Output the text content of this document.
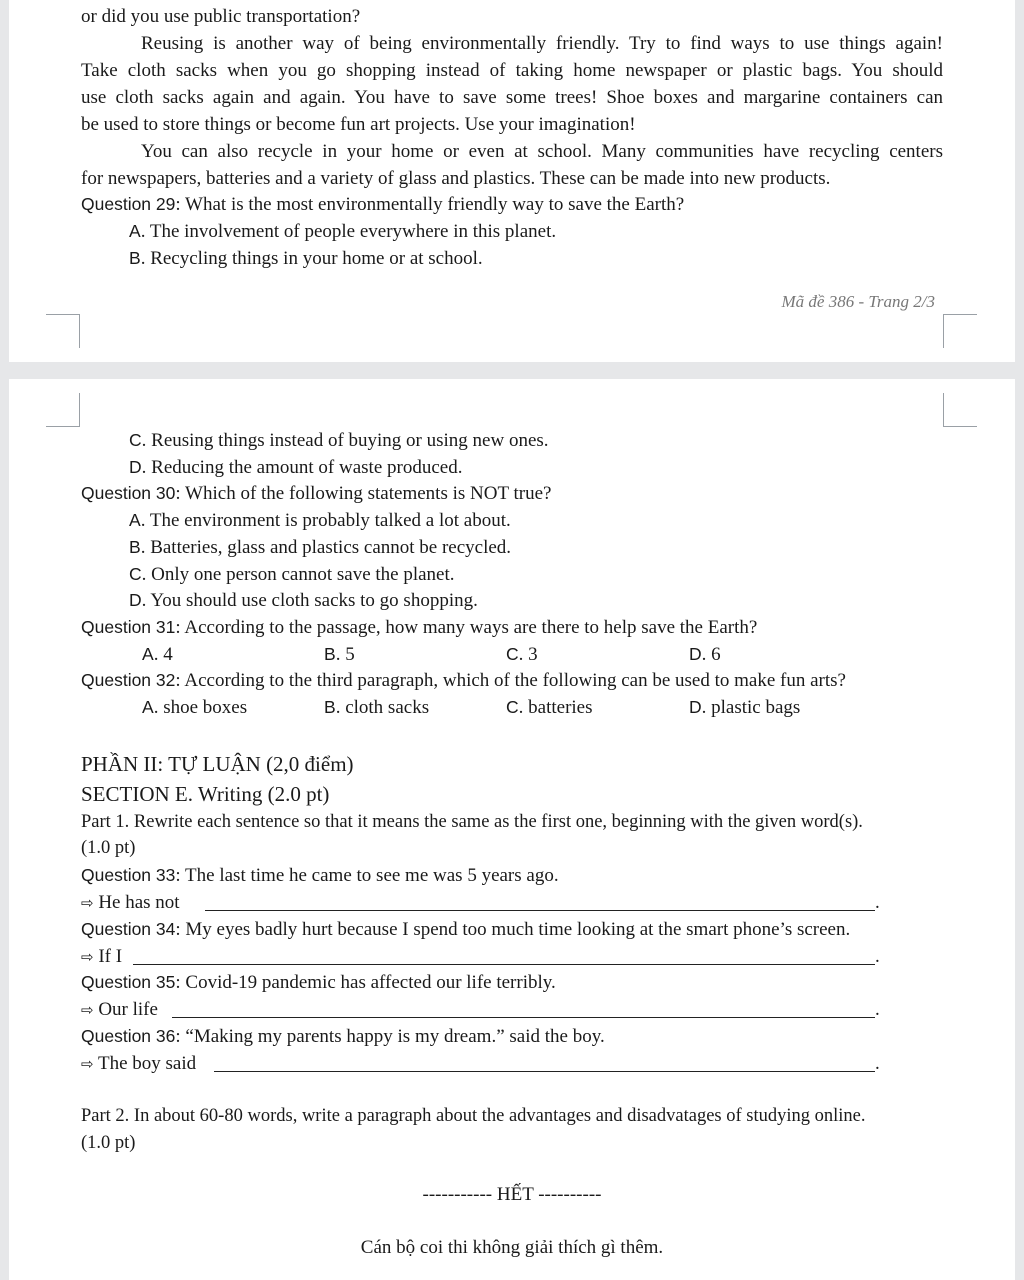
or did you use public transportation?
Reusing is another way of being environmentally friendly. Try to find ways to use things again!
Take cloth sacks when you go shopping instead of taking home newspaper or plastic bags. You should
use cloth sacks again and again. You have to save some trees! Shoe boxes and margarine containers can
be used to store things or become fun art projects. Use your imagination!
You can also recycle in your home or even at school. Many communities have recycling centers
for newspapers, batteries and a variety of glass and plastics. These can be made into new products.
Question 29: What is the most environmentally friendly way to save the Earth?
A. The involvement of people everywhere in this planet.
B. Recycling things in your home or at school.
Mã đề 386 - Trang 2/3
C. Reusing things instead of buying or using new ones.
D. Reducing the amount of waste produced.
Question 30: Which of the following statements is NOT true?
A. The environment is probably talked a lot about.
B. Batteries, glass and plastics cannot be recycled.
C. Only one person cannot save the planet.
D. You should use cloth sacks to go shopping.
Question 31: According to the passage, how many ways are there to help save the Earth?
A. 4	B. 5	C. 3	D. 6
Question 32: According to the third paragraph, which of the following can be used to make fun arts?
A. shoe boxes	B. cloth sacks	C. batteries	D. plastic bags
PHẦN II: TỰ LUẬN (2,0 điểm)
SECTION E. Writing (2.0 pt)
Part 1. Rewrite each sentence so that it means the same as the first one, beginning with the given word(s).
(1.0 pt)
Question 33: The last time he came to see me was 5 years ago.
⇨ He has not	.
Question 34: My eyes badly hurt because I spend too much time looking at the smart phone’s screen.
⇨ If I	.
Question 35: Covid-19 pandemic has affected our life terribly.
⇨ Our life	.
Question 36: “Making my parents happy is my dream.” said the boy.
⇨ The boy said	.
Part 2. In about 60-80 words, write a paragraph about the advantages and disadvatages of studying online.
(1.0 pt)
----------- HẾT ----------
Cán bộ coi thi không giải thích gì thêm.
